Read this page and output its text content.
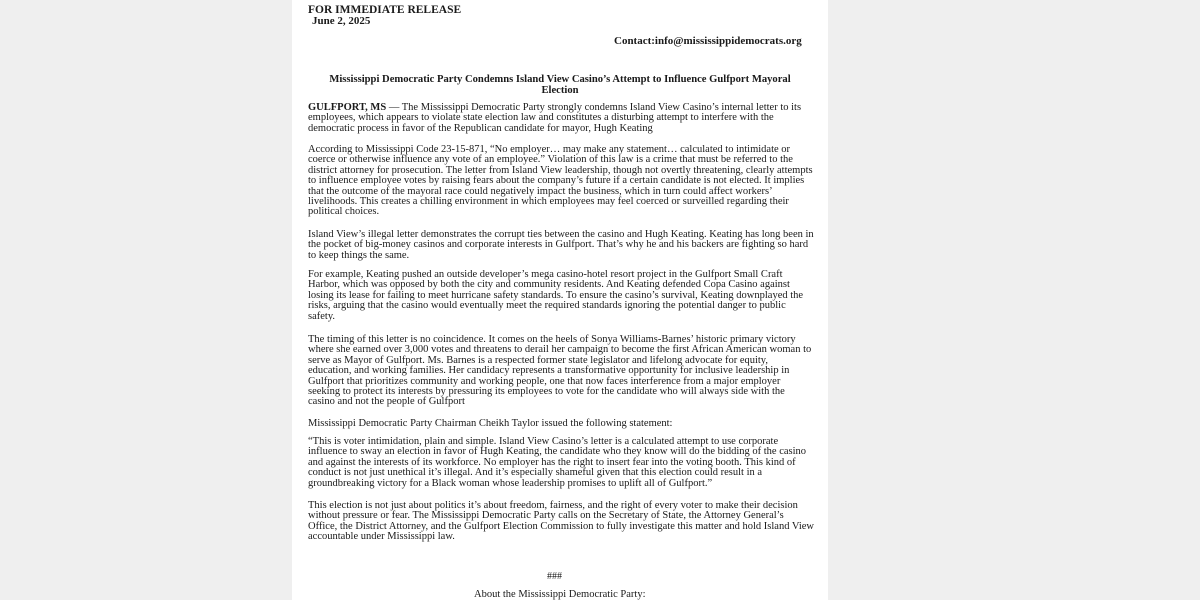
FOR IMMEDIATE RELEASE
June 2, 2025
Contact:info@mississippidemocrats.org
Mississippi Democratic Party Condemns Island View Casino’s Attempt to Influence Gulfport Mayoral Election

GULFPORT, MS — The Mississippi Democratic Party strongly condemns Island View Casino’s internal letter to its employees, which appears to violate state election law and constitutes a disturbing attempt to interfere with the democratic process in favor of the Republican candidate for mayor, Hugh Keating

According to Mississippi Code 23-15-871, “No employer… may make any statement… calculated to intimidate or coerce or otherwise influence any vote of an employee.” Violation of this law is a crime that must be referred to the district attorney for prosecution. The letter from Island View leadership, though not overtly threatening, clearly attempts to influence employee votes by raising fears about the company’s future if a certain candidate is not elected. It implies that the outcome of the mayoral race could negatively impact the business, which in turn could affect workers’ livelihoods. This creates a chilling environment in which employees may feel coerced or surveilled regarding their political choices.

Island View’s illegal letter demonstrates the corrupt ties between the casino and Hugh Keating. Keating has long been in the pocket of big-money casinos and corporate interests in Gulfport. That’s why he and his backers are fighting so hard to keep things the same.

For example, Keating pushed an outside developer’s mega casino-hotel resort project in the Gulfport Small Craft Harbor, which was opposed by both the city and community residents. And Keating defended Copa Casino against losing its lease for failing to meet hurricane safety standards. To ensure the casino’s survival, Keating downplayed the risks, arguing that the casino would eventually meet the required standards ignoring the potential danger to public safety.

The timing of this letter is no coincidence. It comes on the heels of Sonya Williams-Barnes’ historic primary victory where she earned over 3,000 votes and threatens to derail her campaign to become the first African American woman to serve as Mayor of Gulfport. Ms. Barnes is a respected former state legislator and lifelong advocate for equity, education, and working families. Her candidacy represents a transformative opportunity for inclusive leadership in Gulfport that prioritizes community and working people, one that now faces interference from a major employer seeking to protect its interests by pressuring its employees to vote for the candidate who will always side with the casino and not the people of Gulfport

Mississippi Democratic Party Chairman Cheikh Taylor issued the following statement:

“This is voter intimidation, plain and simple. Island View Casino’s letter is a calculated attempt to use corporate influence to sway an election in favor of Hugh Keating, the candidate who they know will do the bidding of the casino and against the interests of its workforce. No employer has the right to insert fear into the voting booth. This kind of conduct is not just unethical it’s illegal. And it’s especially shameful given that this election could result in a groundbreaking victory for a Black woman whose leadership promises to uplift all of Gulfport.”

This election is not just about politics it’s about freedom, fairness, and the right of every voter to make their decision without pressure or fear. The Mississippi Democratic Party calls on the Secretary of State, the Attorney General’s Office, the District Attorney, and the Gulfport Election Commission to fully investigate this matter and hold Island View accountable under Mississippi law.

###
About the Mississippi Democratic Party:
